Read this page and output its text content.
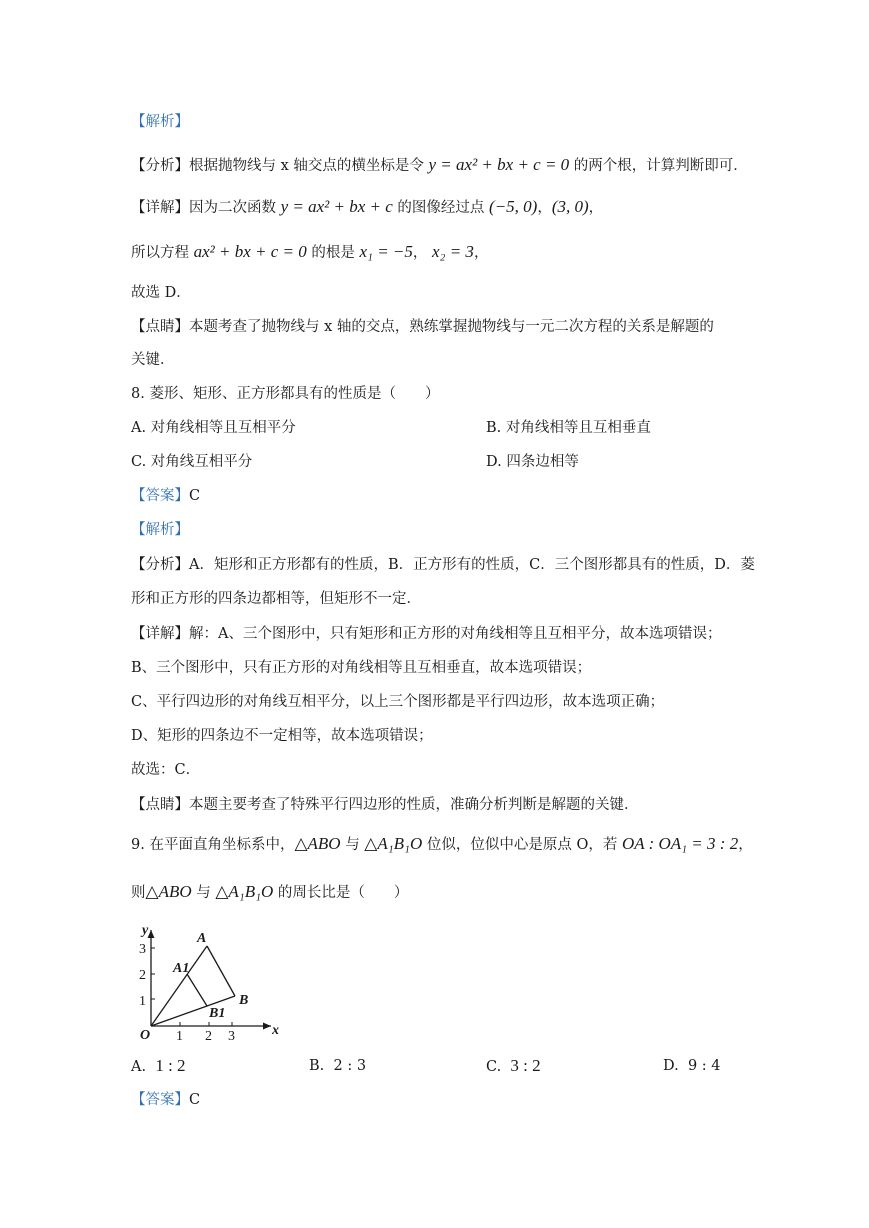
【解析】
【分析】根据抛物线与 x 轴交点的横坐标是令 y = ax² + bx + c = 0 的两个根，计算判断即可．
【详解】因为二次函数 y = ax² + bx + c 的图像经过点 (−5, 0)，(3, 0)，
所以方程 ax² + bx + c = 0 的根是 x₁ = −5， x₂ = 3，
故选 D．
【点睛】本题考查了抛物线与 x 轴的交点，熟练掌握抛物线与一元二次方程的关系是解题的
关键．
8. 菱形、矩形、正方形都具有的性质是（　　）
A. 对角线相等且互相平分	B. 对角线相等且互相垂直
C. 对角线互相平分	D. 四条边相等
【答案】C
【解析】
【分析】A．矩形和正方形都有的性质，B．正方形有的性质，C．三个图形都具有的性质，D．菱
形和正方形的四条边都相等，但矩形不一定．
【详解】解：A、三个图形中，只有矩形和正方形的对角线相等且互相平分，故本选项错误；
B、三个图形中，只有正方形的对角线相等且互相垂直，故本选项错误；
C、平行四边形的对角线互相平分，以上三个图形都是平行四边形，故本选项正确；
D、矩形的四条边不一定相等，故本选项错误；
故选：C．
【点睛】本题主要考查了特殊平行四边形的性质，准确分析判断是解题的关键．
9. 在平面直角坐标系中，△ABO 与 △A₁B₁O 位似，位似中心是原点 O，若 OA : OA₁ = 3 : 2，
则△ABO 与 △A₁B₁O 的周长比是（　　）
y
x
O
3
2
1
1 2 3
A
A1
B
B1
A. 1 : 2	B. 2 : 3	C. 3 : 2	D. 9 : 4
【答案】C
